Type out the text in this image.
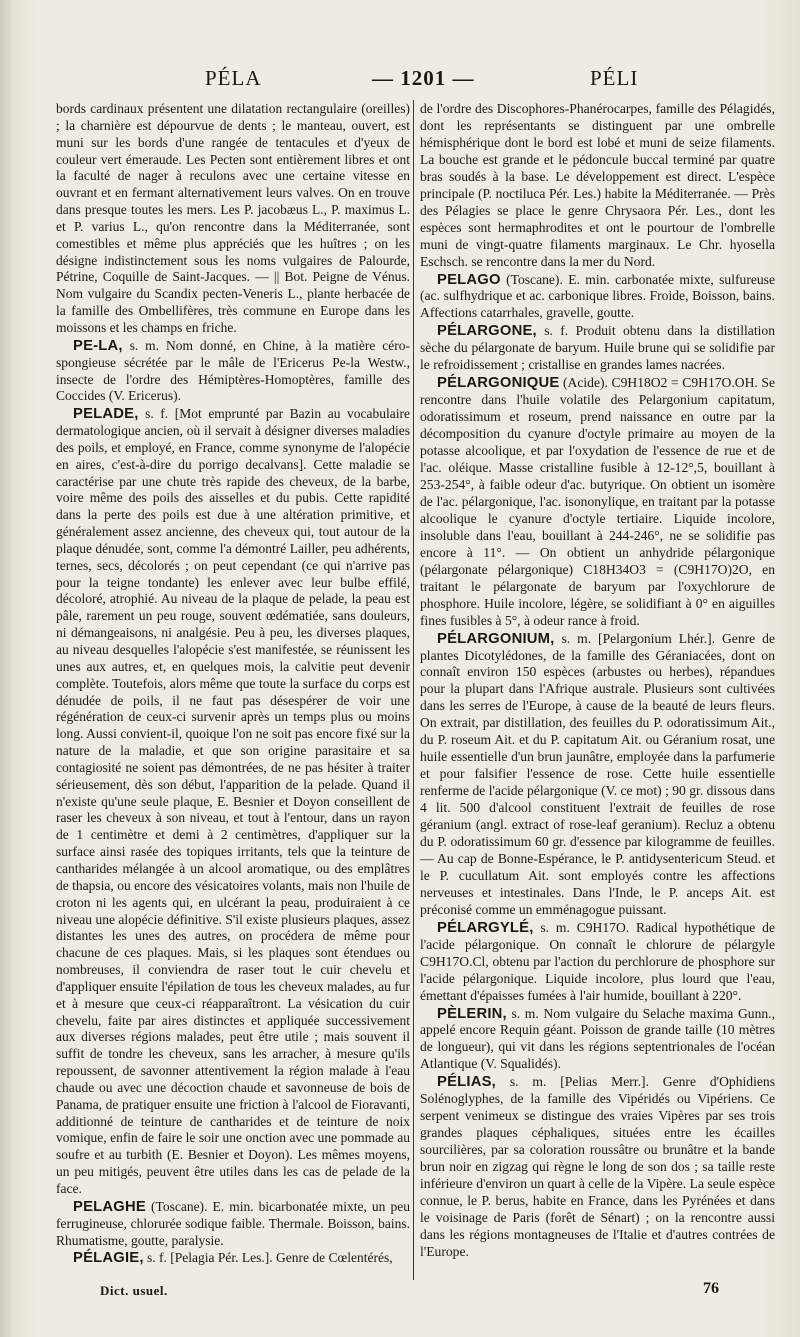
PÉLA	— 1201 —	PÉLI

bords cardinaux présentent une dilatation rectangulaire (oreilles) ; la charnière est dépourvue de dents ; le manteau, ouvert, est muni sur les bords d'une rangée de tentacules et d'yeux de couleur vert émeraude. Les Pecten sont entièrement libres et ont la faculté de nager à reculons avec une certaine vitesse en ouvrant et en fermant alternativement leurs valves. On en trouve dans presque toutes les mers. Les P. jacobæus L., P. maximus L. et P. varius L., qu'on rencontre dans la Méditerranée, sont comestibles et même plus appréciés que les huîtres ; on les désigne indistinctement sous les noms vulgaires de Palourde, Pétrine, Coquille de Saint-Jacques. — || Bot. Peigne de Vénus. Nom vulgaire du Scandix pecten-Veneris L., plante herbacée de la famille des Ombellifères, très commune en Europe dans les moissons et les champs en friche.

PE-LA, s. m. Nom donné, en Chine, à la matière céro-spongieuse sécrétée par le mâle de l'Ericerus Pe-la Westw., insecte de l'ordre des Hémiptères-Homoptères, famille des Coccides (V. Ericerus).

PELADE, s. f. [Mot emprunté par Bazin au vocabulaire dermatologique ancien, où il servait à désigner diverses maladies des poils, et employé, en France, comme synonyme de l'alopécie en aires, c'est-à-dire du porrigo decalvans]. Cette maladie se caractérise par une chute très rapide des cheveux, de la barbe, voire même des poils des aisselles et du pubis. Cette rapidité dans la perte des poils est due à une altération primitive, et généralement assez ancienne, des cheveux qui, tout autour de la plaque dénudée, sont, comme l'a démontré Lailler, peu adhérents, ternes, secs, décolorés ; on peut cependant (ce qui n'arrive pas pour la teigne tondante) les enlever avec leur bulbe effilé, décoloré, atrophié. Au niveau de la plaque de pelade, la peau est pâle, rarement un peu rouge, souvent œdématiée, sans douleurs, ni démangeaisons, ni analgésie. Peu à peu, les diverses plaques, au niveau desquelles l'alopécie s'est manifestée, se réunissent les unes aux autres, et, en quelques mois, la calvitie peut devenir complète. Toutefois, alors même que toute la surface du corps est dénudée de poils, il ne faut pas désespérer de voir une régénération de ceux-ci survenir après un temps plus ou moins long. Aussi convient-il, quoique l'on ne soit pas encore fixé sur la nature de la maladie, et que son origine parasitaire et sa contagiosité ne soient pas démontrées, de ne pas hésiter à traiter sérieusement, dès son début, l'apparition de la pelade. Quand il n'existe qu'une seule plaque, E. Besnier et Doyon conseillent de raser les cheveux à son niveau, et tout à l'entour, dans un rayon de 1 centimètre et demi à 2 centimètres, d'appliquer sur la surface ainsi rasée des topiques irritants, tels que la teinture de cantharides mélangée à un alcool aromatique, ou des emplâtres de thapsia, ou encore des vésicatoires volants, mais non l'huile de croton ni les agents qui, en ulcérant la peau, produiraient à ce niveau une alopécie définitive. S'il existe plusieurs plaques, assez distantes les unes des autres, on procédera de même pour chacune de ces plaques. Mais, si les plaques sont étendues ou nombreuses, il conviendra de raser tout le cuir chevelu et d'appliquer ensuite l'épilation de tous les cheveux malades, au fur et à mesure que ceux-ci réapparaîtront. La vésication du cuir chevelu, faite par aires distinctes et appliquée successivement aux diverses régions malades, peut être utile ; mais souvent il suffit de tondre les cheveux, sans les arracher, à mesure qu'ils repoussent, de savonner attentivement la région malade à l'eau chaude ou avec une décoction chaude et savonneuse de bois de Panama, de pratiquer ensuite une friction à l'alcool de Fioravanti, additionné de teinture de cantharides et de teinture de noix vomique, enfin de faire le soir une onction avec une pommade au soufre et au turbith (E. Besnier et Doyon). Les mêmes moyens, un peu mitigés, peuvent être utiles dans les cas de pelade de la face.

PELAGHE (Toscane). E. min. bicarbonatée mixte, un peu ferrugineuse, chlorurée sodique faible. Thermale. Boisson, bains. Rhumatisme, goutte, paralysie.

PÉLAGIE, s. f. [Pelagia Pér. Les.]. Genre de Cœlentérés,

de l'ordre des Discophores-Phanérocarpes, famille des Pélagidés, dont les représentants se distinguent par une ombrelle hémisphérique dont le bord est lobé et muni de seize filaments. La bouche est grande et le pédoncule buccal terminé par quatre bras soudés à la base. Le développement est direct. L'espèce principale (P. noctiluca Pér. Les.) habite la Méditerranée. — Près des Pélagies se place le genre Chrysaora Pér. Les., dont les espèces sont hermaphrodites et ont le pourtour de l'ombrelle muni de vingt-quatre filaments marginaux. Le Chr. hyosella Eschsch. se rencontre dans la mer du Nord.

PELAGO (Toscane). E. min. carbonatée mixte, sulfureuse (ac. sulfhydrique et ac. carbonique libres. Froide, Boisson, bains. Affections catarrhales, gravelle, goutte.

PÉLARGONE, s. f. Produit obtenu dans la distillation sèche du pélargonate de baryum. Huile brune qui se solidifie par le refroidissement ; cristallise en grandes lames nacrées.

PÉLARGONIQUE (Acide). C9H18O2 = C9H17O.OH. Se rencontre dans l'huile volatile des Pelargonium capitatum, odoratissimum et roseum, prend naissance en outre par la décomposition du cyanure d'octyle primaire au moyen de la potasse alcoolique, et par l'oxydation de l'essence de rue et de l'ac. oléique. Masse cristalline fusible à 12-12°,5, bouillant à 253-254°, à faible odeur d'ac. butyrique. On obtient un isomère de l'ac. pélargonique, l'ac. isononylique, en traitant par la potasse alcoolique le cyanure d'octyle tertiaire. Liquide incolore, insoluble dans l'eau, bouillant à 244-246°, ne se solidifie pas encore à 11°. — On obtient un anhydride pélargonique (pélargonate pélargonique) C18H34O3 = (C9H17O)2O, en traitant le pélargonate de baryum par l'oxychlorure de phosphore. Huile incolore, légère, se solidifiant à 0° en aiguilles fines fusibles à 5°, à odeur rance à froid.

PÉLARGONIUM, s. m. [Pelargonium Lhér.]. Genre de plantes Dicotylédones, de la famille des Géraniacées, dont on connaît environ 150 espèces (arbustes ou herbes), répandues pour la plupart dans l'Afrique australe. Plusieurs sont cultivées dans les serres de l'Europe, à cause de la beauté de leurs fleurs. On extrait, par distillation, des feuilles du P. odoratissimum Ait., du P. roseum Ait. et du P. capitatum Ait. ou Géranium rosat, une huile essentielle d'un brun jaunâtre, employée dans la parfumerie et pour falsifier l'essence de rose. Cette huile essentielle renferme de l'acide pélargonique (V. ce mot) ; 90 gr. dissous dans 4 lit. 500 d'alcool constituent l'extrait de feuilles de rose géranium (angl. extract of rose-leaf geranium). Recluz a obtenu du P. odoratissimum 60 gr. d'essence par kilogramme de feuilles. — Au cap de Bonne-Espérance, le P. antidysentericum Steud. et le P. cucullatum Ait. sont employés contre les affections nerveuses et intestinales. Dans l'Inde, le P. anceps Ait. est préconisé comme un emménagogue puissant.

PÉLARGYLÉ, s. m. C9H17O. Radical hypothétique de l'acide pélargonique. On connaît le chlorure de pélargyle C9H17O.Cl, obtenu par l'action du perchlorure de phosphore sur l'acide pélargonique. Liquide incolore, plus lourd que l'eau, émettant d'épaisses fumées à l'air humide, bouillant à 220°.

PÈLERIN, s. m. Nom vulgaire du Selache maxima Gunn., appelé encore Requin géant. Poisson de grande taille (10 mètres de longueur), qui vit dans les régions septentrionales de l'océan Atlantique (V. Squalidés).

PÉLIAS, s. m. [Pelias Merr.]. Genre d'Ophidiens Solénoglyphes, de la famille des Vipéridés ou Vipériens. Ce serpent venimeux se distingue des vraies Vipères par ses trois grandes plaques céphaliques, situées entre les écailles sourcilières, par sa coloration roussâtre ou brunâtre et la bande brun noir en zigzag qui règne le long de son dos ; sa taille reste inférieure d'environ un quart à celle de la Vipère. La seule espèce connue, le P. berus, habite en France, dans les Pyrénées et dans le voisinage de Paris (forêt de Sénart) ; on la rencontre aussi dans les régions montagneuses de l'Italie et d'autres contrées de l'Europe.

Dict. usuel.	76
